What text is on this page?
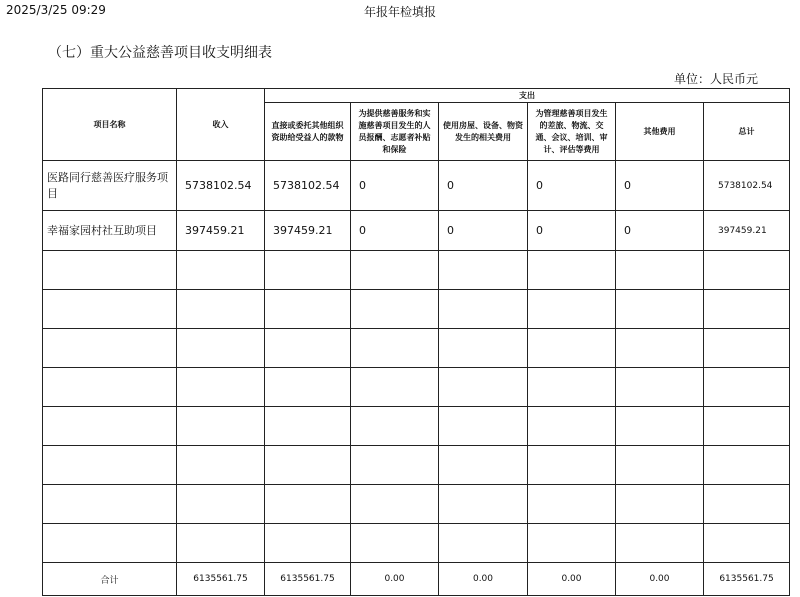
2025/3/25 09:29	年报年检填报
（七）重大公益慈善项目收支明细表
单位：人民币元
项目名称	收入	支出					
		直接或委托其他组织资助给受益人的款物	为提供慈善服务和实施慈善项目发生的人员报酬、志愿者补贴和保险	使用房屋、设备、物资发生的相关费用	为管理慈善项目发生的差旅、物流、交通、会议、培训、审计、评估等费用	其他费用	总计
医路同行慈善医疗服务项目	5738102.54	5738102.54	0	0	0	0	5738102.54
幸福家园村社互助项目	397459.21	397459.21	0	0	0	0	397459.21

合计	6135561.75	6135561.75	0.00	0.00	0.00	0.00	6135561.75
